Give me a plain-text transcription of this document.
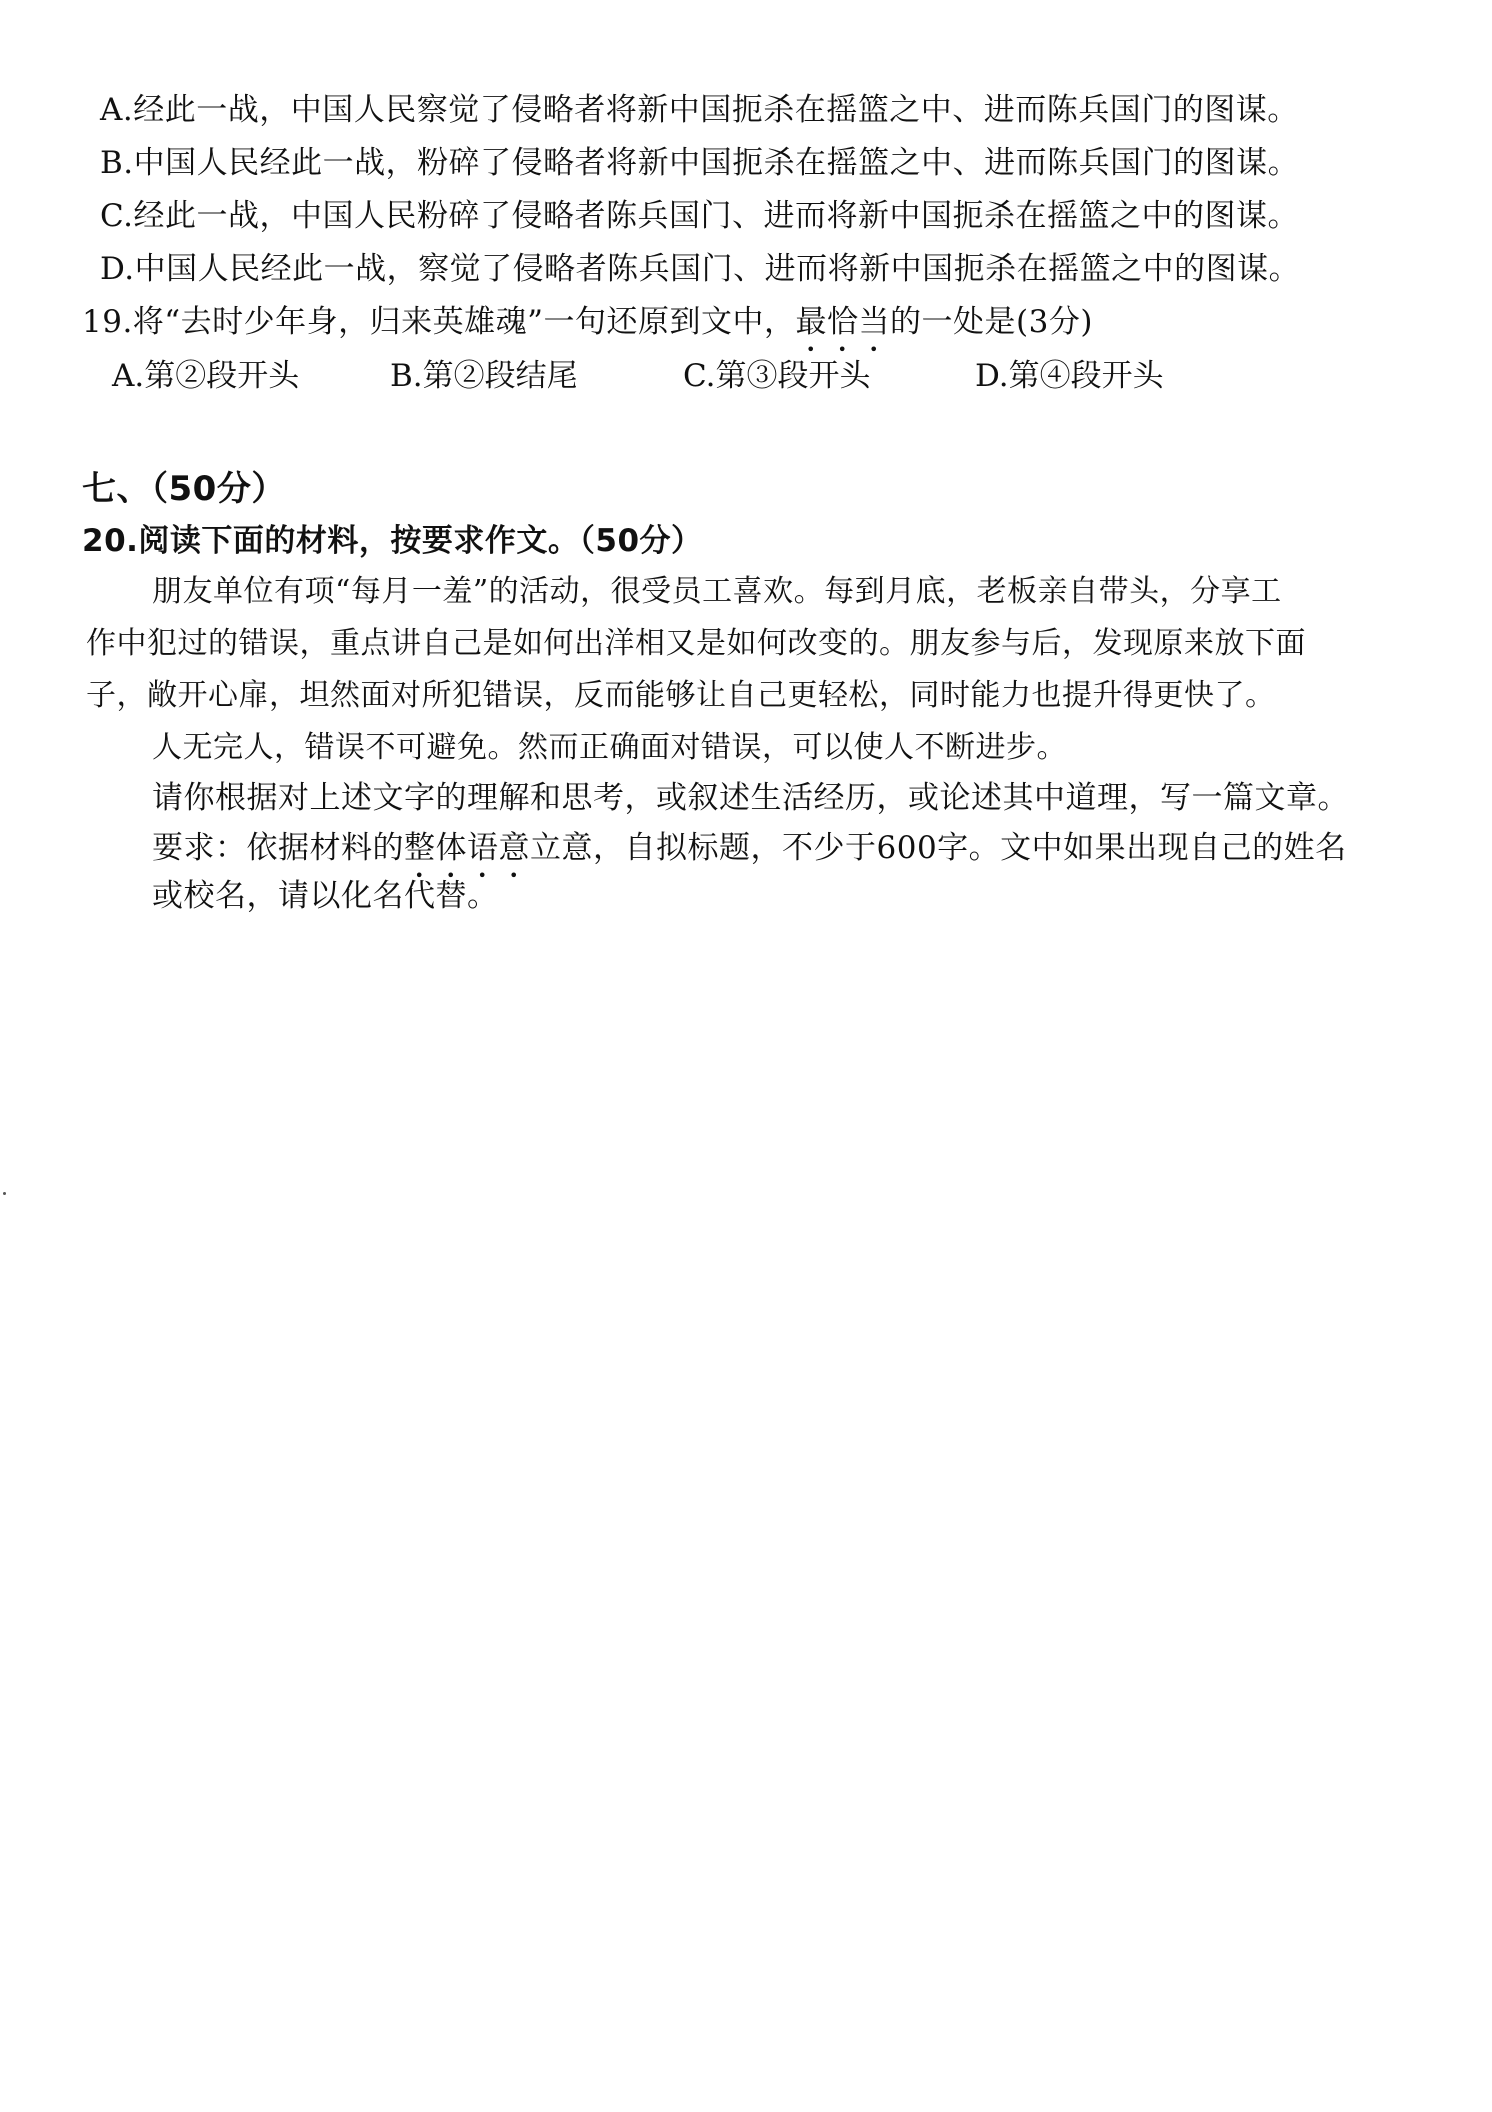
A.经此一战，中国人民察觉了侵略者将新中国扼杀在摇篮之中、进而陈兵国门的图谋。
B.中国人民经此一战，粉碎了侵略者将新中国扼杀在摇篮之中、进而陈兵国门的图谋。
C.经此一战，中国人民粉碎了侵略者陈兵国门、进而将新中国扼杀在摇篮之中的图谋。
D.中国人民经此一战，察觉了侵略者陈兵国门、进而将新中国扼杀在摇篮之中的图谋。
19.将“去时少年身，归来英雄魂”一句还原到文中，最恰当的一处是(3分)
A.第②段开头	B.第②段结尾	C.第③段开头	D.第④段开头
七、（50分）
20.阅读下面的材料，按要求作文。（50分）
朋友单位有项“每月一羞”的活动，很受员工喜欢。每到月底，老板亲自带头，分享工
作中犯过的错误，重点讲自己是如何出洋相又是如何改变的。朋友参与后，发现原来放下面
子，敞开心扉，坦然面对所犯错误，反而能够让自己更轻松，同时能力也提升得更快了。
人无完人，错误不可避免。然而正确面对错误，可以使人不断进步。
请你根据对上述文字的理解和思考，或叙述生活经历，或论述其中道理，写一篇文章。
要求：依据材料的整体语意立意，自拟标题，不少于600字。文中如果出现自己的姓名
或校名，请以化名代替。
